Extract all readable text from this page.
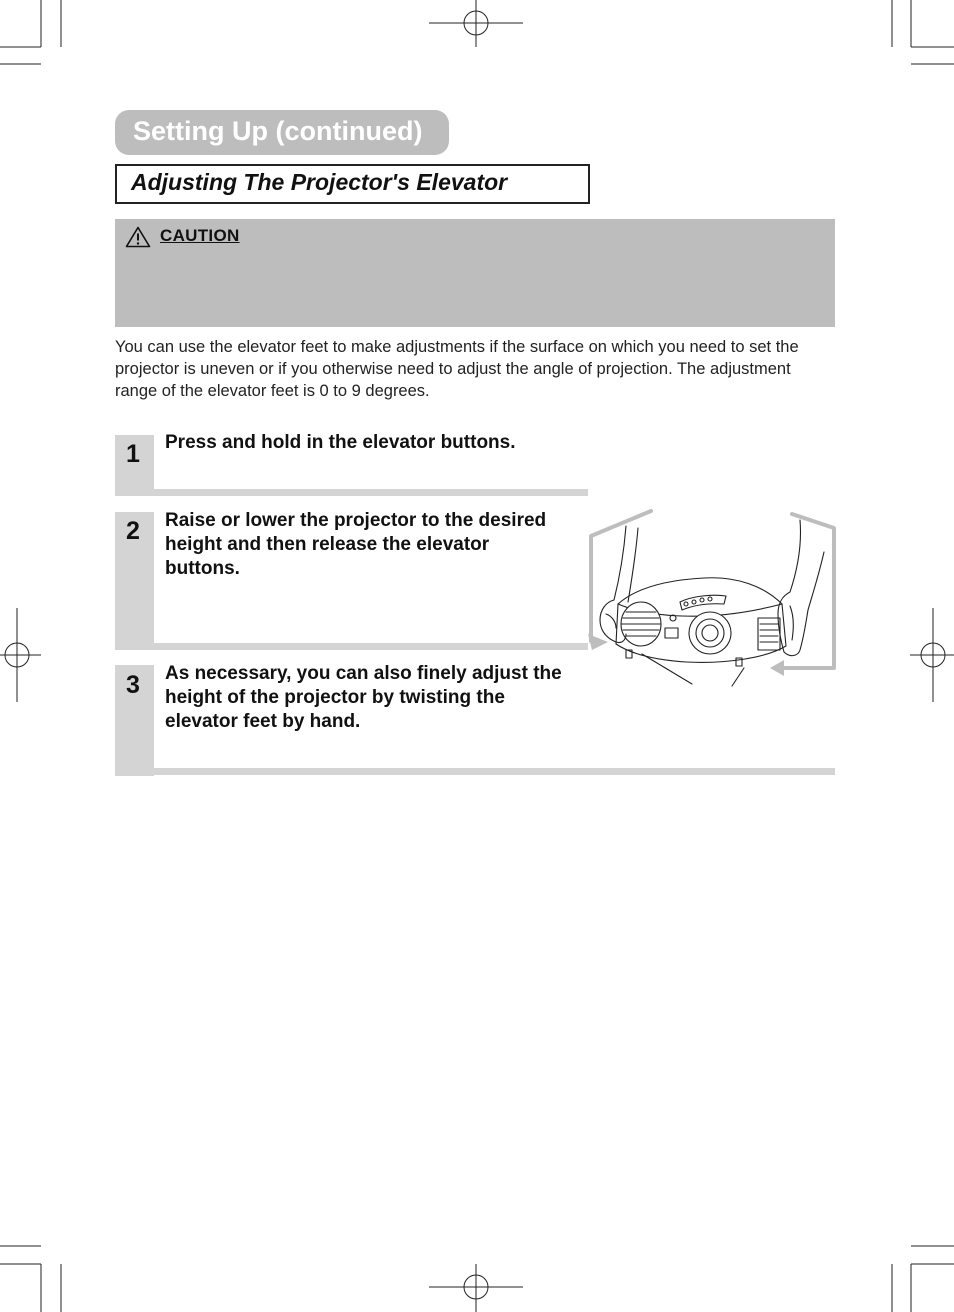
Setting Up (continued)
Adjusting The Projector's Elevator
CAUTION
You can use the elevator feet to make adjustments if the surface on which you need to set the projector is uneven or if you otherwise need to adjust the angle of projection. The adjustment range of the elevator feet is 0 to 9 degrees.
1 Press and hold in the elevator buttons.
2 Raise or lower the projector to the desired height and then release the elevator buttons.
3 As necessary, you can also finely adjust the height of the projector by twisting the elevator feet by hand.
